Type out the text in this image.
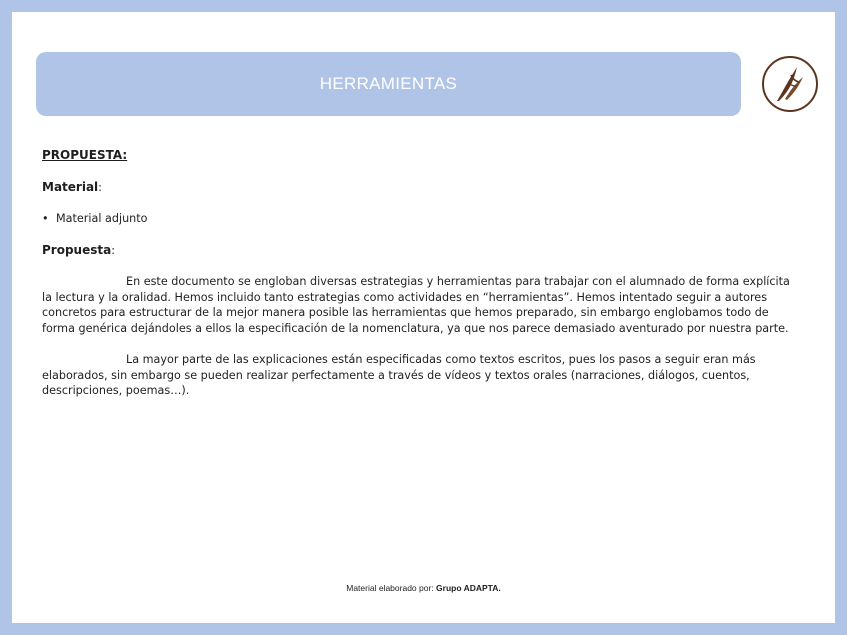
HERRAMIENTAS
PROPUESTA:
Material:
• Material adjunto
Propuesta:

En este documento se engloban diversas estrategias y herramientas para trabajar con el alumnado de forma explícita la lectura y la oralidad. Hemos incluido tanto estrategias como actividades en “herramientas”. Hemos intentado seguir a autores concretos para estructurar de la mejor manera posible las herramientas que hemos preparado, sin embargo englobamos todo de forma genérica dejándoles a ellos la especificación de la nomenclatura, ya que nos parece demasiado aventurado por nuestra parte.

La mayor parte de las explicaciones están especificadas como textos escritos, pues los pasos a seguir eran más elaborados, sin embargo se pueden realizar perfectamente a través de vídeos y textos orales (narraciones, diálogos, cuentos, descripciones, poemas…).

Material elaborado por: Grupo ADAPTA.
